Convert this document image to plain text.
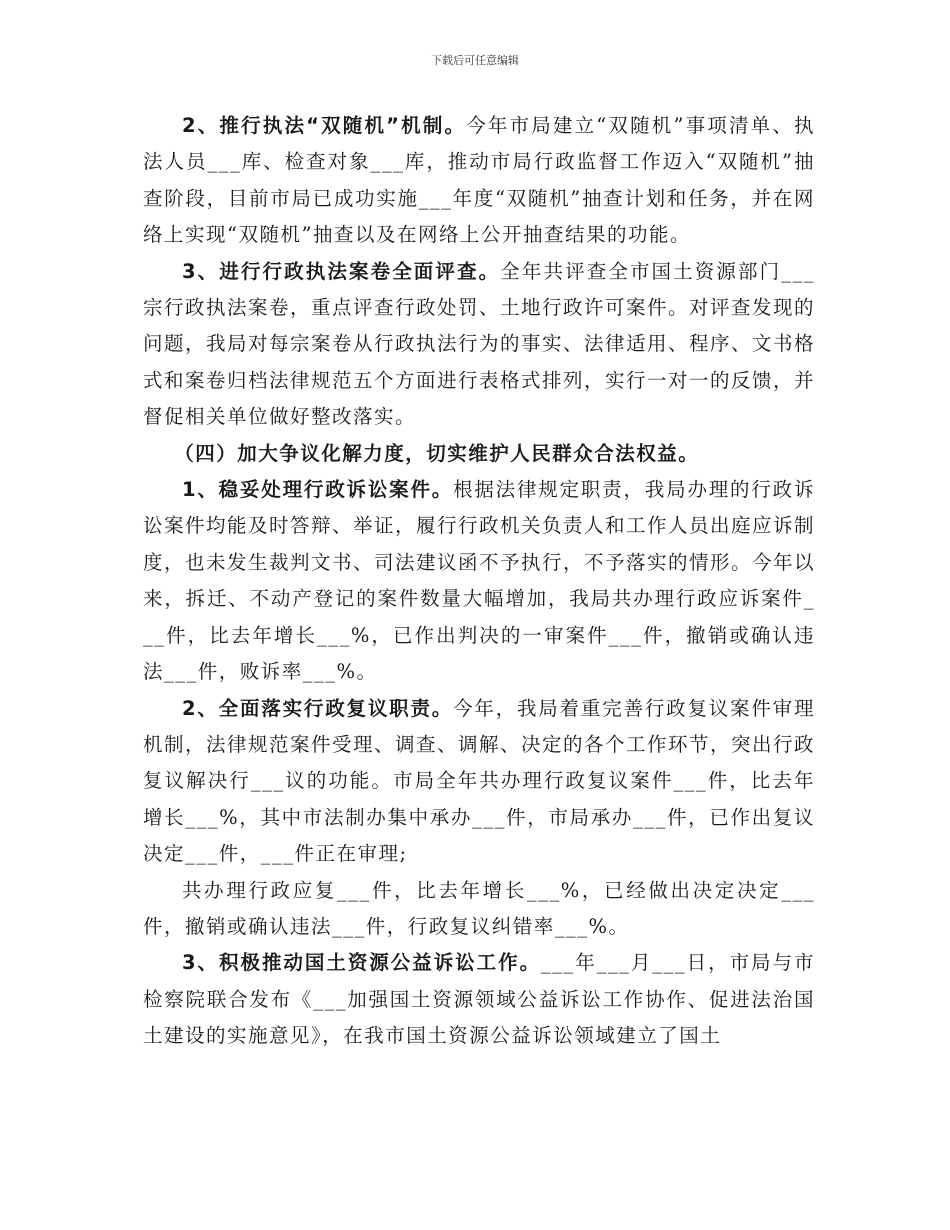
下载后可任意编辑

2、推行执法“双随机”机制。今年市局建立“双随机”事项清单、执法人员___库、检查对象___库，推动市局行政监督工作迈入“双随机”抽查阶段，目前市局已成功实施___年度“双随机”抽查计划和任务，并在网络上实现“双随机”抽查以及在网络上公开抽查结果的功能。

3、进行行政执法案卷全面评查。全年共评查全市国土资源部门___宗行政执法案卷，重点评查行政处罚、土地行政许可案件。对评查发现的问题，我局对每宗案卷从行政执法行为的事实、法律适用、程序、文书格式和案卷归档法律规范五个方面进行表格式排列，实行一对一的反馈，并督促相关单位做好整改落实。

（四）加大争议化解力度，切实维护人民群众合法权益。

1、稳妥处理行政诉讼案件。根据法律规定职责，我局办理的行政诉讼案件均能及时答辩、举证，履行行政机关负责人和工作人员出庭应诉制度，也未发生裁判文书、司法建议函不予执行，不予落实的情形。今年以来，拆迁、不动产登记的案件数量大幅增加，我局共办理行政应诉案件___件，比去年增长___%，已作出判决的一审案件___件，撤销或确认违法___件，败诉率___%。

2、全面落实行政复议职责。今年，我局着重完善行政复议案件审理机制，法律规范案件受理、调查、调解、决定的各个工作环节，突出行政复议解决行___议的功能。市局全年共办理行政复议案件___件，比去年增长___%，其中市法制办集中承办___件，市局承办___件，已作出复议决定___件，___件正在审理;

共办理行政应复___件，比去年增长___%，已经做出决定决定___件，撤销或确认违法___件，行政复议纠错率___%。

3、积极推动国土资源公益诉讼工作。___年___月___日，市局与市检察院联合发布《___加强国土资源领域公益诉讼工作协作、促进法治国土建设的实施意见》，在我市国土资源公益诉讼领域建立了国土
